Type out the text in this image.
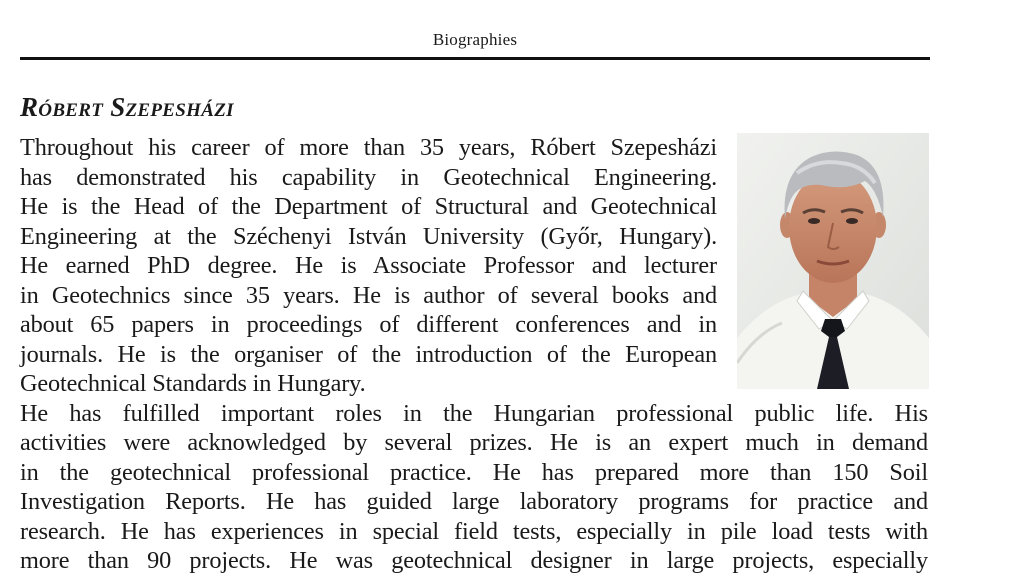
Biographies
Róbert Szepesházi
Throughout his career of more than 35 years, Róbert Szepesházi
has demonstrated his capability in Geotechnical Engineering.
He is the Head of the Department of Structural and Geotechnical
Engineering at the Széchenyi István University (Győr, Hungary).
He earned PhD degree. He is Associate Professor and lecturer
in Geotechnics since 35 years. He is author of several books and
about 65 papers in proceedings of different conferences and in
journals. He is the organiser of the introduction of the European
Geotechnical Standards in Hungary.
He has fulfilled important roles in the Hungarian professional public life. His
activities were acknowledged by several prizes. He is an expert much in demand
in the geotechnical professional practice. He has prepared more than 150 Soil
Investigation Reports. He has guided large laboratory programs for practice and
research. He has experiences in special field tests, especially in pile load tests with
more than 90 projects. He was geotechnical designer in large projects, especially
